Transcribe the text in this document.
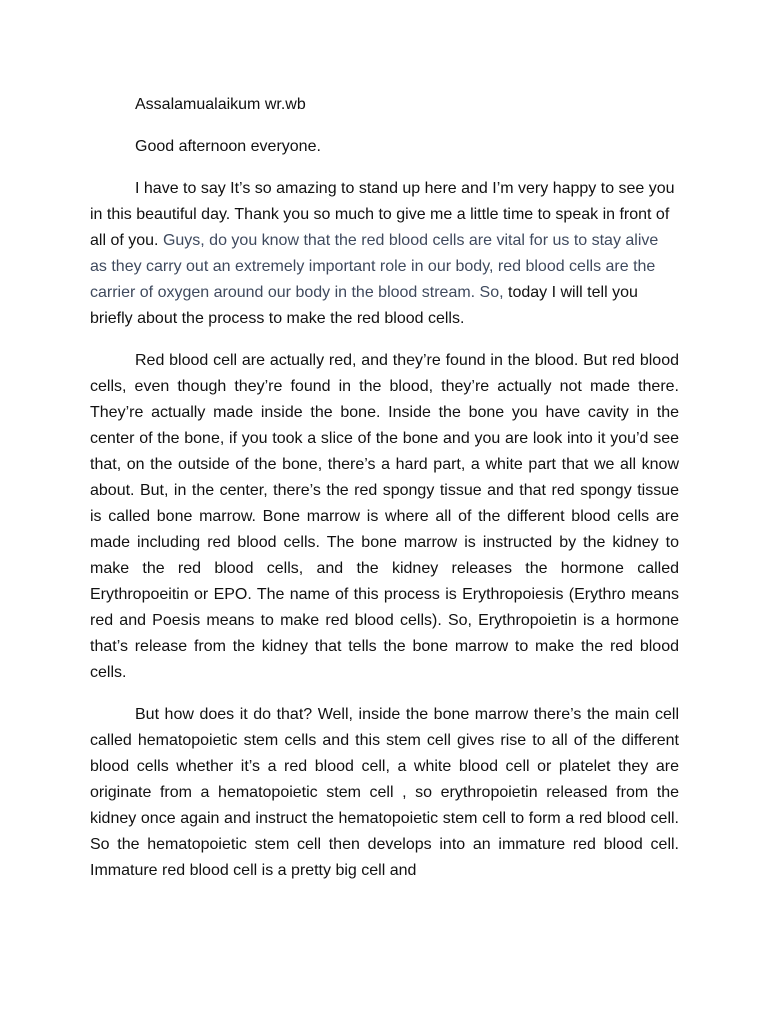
Assalamualaikum wr.wb

Good afternoon everyone.

I have to say It’s so amazing to stand up here and I’m very happy to see you in this beautiful day. Thank you so much to give me a little time to speak in front of all of you. Guys, do you know that the red blood cells are vital for us to stay alive as they carry out an extremely important role in our body, red blood cells are the carrier of oxygen around our body in the blood stream. So, today I will tell you briefly about the process to make the red blood cells.

Red blood cell are actually red, and they’re found in the blood. But red blood cells, even though they’re found in the blood, they’re actually not made there. They’re actually made inside the bone. Inside the bone you have cavity in the center of the bone, if you took a slice of the bone and you are look into it you’d see that, on the outside of the bone, there’s a hard part, a white part that we all know about. But, in the center, there’s the red spongy tissue and that red spongy tissue is called bone marrow. Bone marrow is where all of the different blood cells are made including red blood cells. The bone marrow is instructed by the kidney to make the red blood cells, and the kidney releases the hormone called Erythropoeitin or EPO. The name of this process is Erythropoiesis (Erythro means red and Poesis means to make red blood cells). So, Erythropoietin is a hormone that’s release from the kidney that tells the bone marrow to make the red blood cells.

But how does it do that? Well, inside the bone marrow there’s the main cell called hematopoietic stem cells and this stem cell gives rise to all of the different blood cells whether it’s a red blood cell, a white blood cell or platelet they are originate from a hematopoietic stem cell , so erythropoietin released from the kidney once again and instruct the hematopoietic stem cell to form a red blood cell. So the hematopoietic stem cell then develops into an immature red blood cell. Immature red blood cell is a pretty big cell and
